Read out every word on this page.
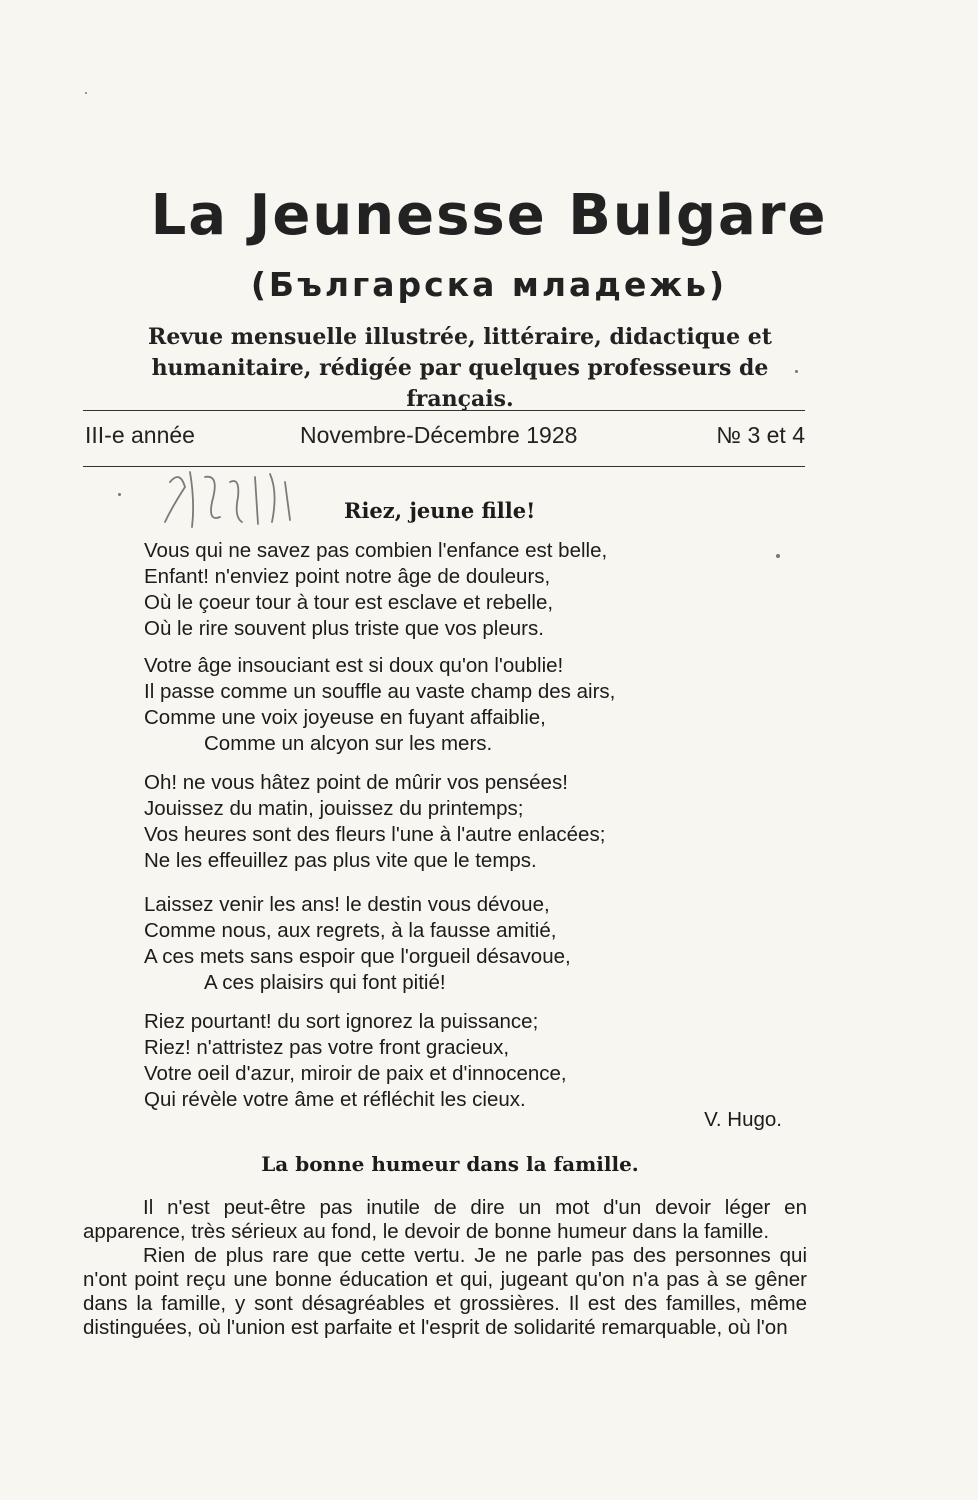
La Jeunesse Bulgare
(Българска младежь)
Revue mensuelle illustrée, littéraire, didactique et humanitaire, rédigée par quelques professeurs de français.
III-e année	Novembre-Décembre 1928	№ 3 et 4
Riez, jeune fille!
Vous qui ne savez pas combien l'enfance est belle,
Enfant! n'enviez point notre âge de douleurs,
Où le çoeur tour à tour est esclave et rebelle,
Où le rire souvent plus triste que vos pleurs.
Votre âge insouciant est si doux qu'on l'oublie!
Il passe comme un souffle au vaste champ des airs,
Comme une voix joyeuse en fuyant affaiblie,
Comme un alcyon sur les mers.
Oh! ne vous hâtez point de mûrir vos pensées!
Jouissez du matin, jouissez du printemps;
Vos heures sont des fleurs l'une à l'autre enlacées;
Ne les effeuillez pas plus vite que le temps.
Laissez venir les ans! le destin vous dévoue,
Comme nous, aux regrets, à la fausse amitié,
A ces mets sans espoir que l'orgueil désavoue,
A ces plaisirs qui font pitié!
Riez pourtant! du sort ignorez la puissance;
Riez! n'attristez pas votre front gracieux,
Votre oeil d'azur, miroir de paix et d'innocence,
Qui révèle votre âme et réfléchit les cieux.
V. Hugo.
La bonne humeur dans la famille.

Il n'est peut-être pas inutile de dire un mot d'un devoir léger en apparence, très sérieux au fond, le devoir de bonne humeur dans la famille.

Rien de plus rare que cette vertu. Je ne parle pas des personnes qui n'ont point reçu une bonne éducation et qui, jugeant qu'on n'a pas à se gêner dans la famille, y sont désagréables et grossières. Il est des familles, même distinguées, où l'union est parfaite et l'esprit de solidarité remarquable, où l'on
